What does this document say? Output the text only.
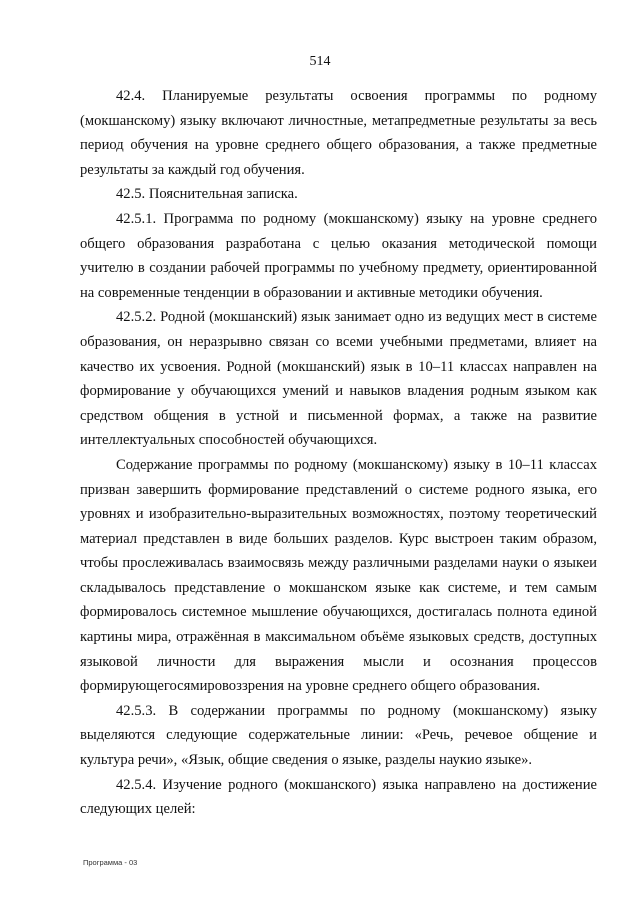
514

42.4. Планируемые результаты освоения программы по родному (мокшанскому) языку включают личностные, метапредметные результаты за весь период обучения на уровне среднего общего образования, а также предметные результаты за каждый год обучения.

42.5. Пояснительная записка.

42.5.1. Программа по родному (мокшанскому) языку на уровне среднего общего образования разработана с целью оказания методической помощи учителю в создании рабочей программы по учебному предмету, ориентированной на современные тенденции в образовании и активные методики обучения.

42.5.2. Родной (мокшанский) язык занимает одно из ведущих мест в системе образования, он неразрывно связан со всеми учебными предметами, влияет на качество их усвоения. Родной (мокшанский) язык в 10–11 классах направлен на формирование у обучающихся умений и навыков владения родным языком как средством общения в устной и письменной формах, а также на развитие интеллектуальных способностей обучающихся.

Содержание программы по родному (мокшанскому) языку в 10–11 классах призван завершить формирование представлений о системе родного языка, его уровнях и изобразительно-выразительных возможностях, поэтому теоретический материал представлен в виде больших разделов. Курс выстроен таким образом, чтобы прослеживалась взаимосвязь между различными разделами науки о языкеи складывалось представление о мокшанском языке как системе, и тем самым формировалось системное мышление обучающихся, достигалась полнота единой картины мира, отражённая в максимальном объёме языковых средств, доступных языковой личности для выражения мысли и осознания процессов формирующегосямировоззрения на уровне среднего общего образования.

42.5.3. В содержании программы по родному (мокшанскому) языку выделяются следующие содержательные линии: «Речь, речевое общение и культура речи», «Язык, общие сведения о языке, разделы наукио языке».

42.5.4. Изучение родного (мокшанского) языка направлено на достижение следующих целей:

Программа - 03
